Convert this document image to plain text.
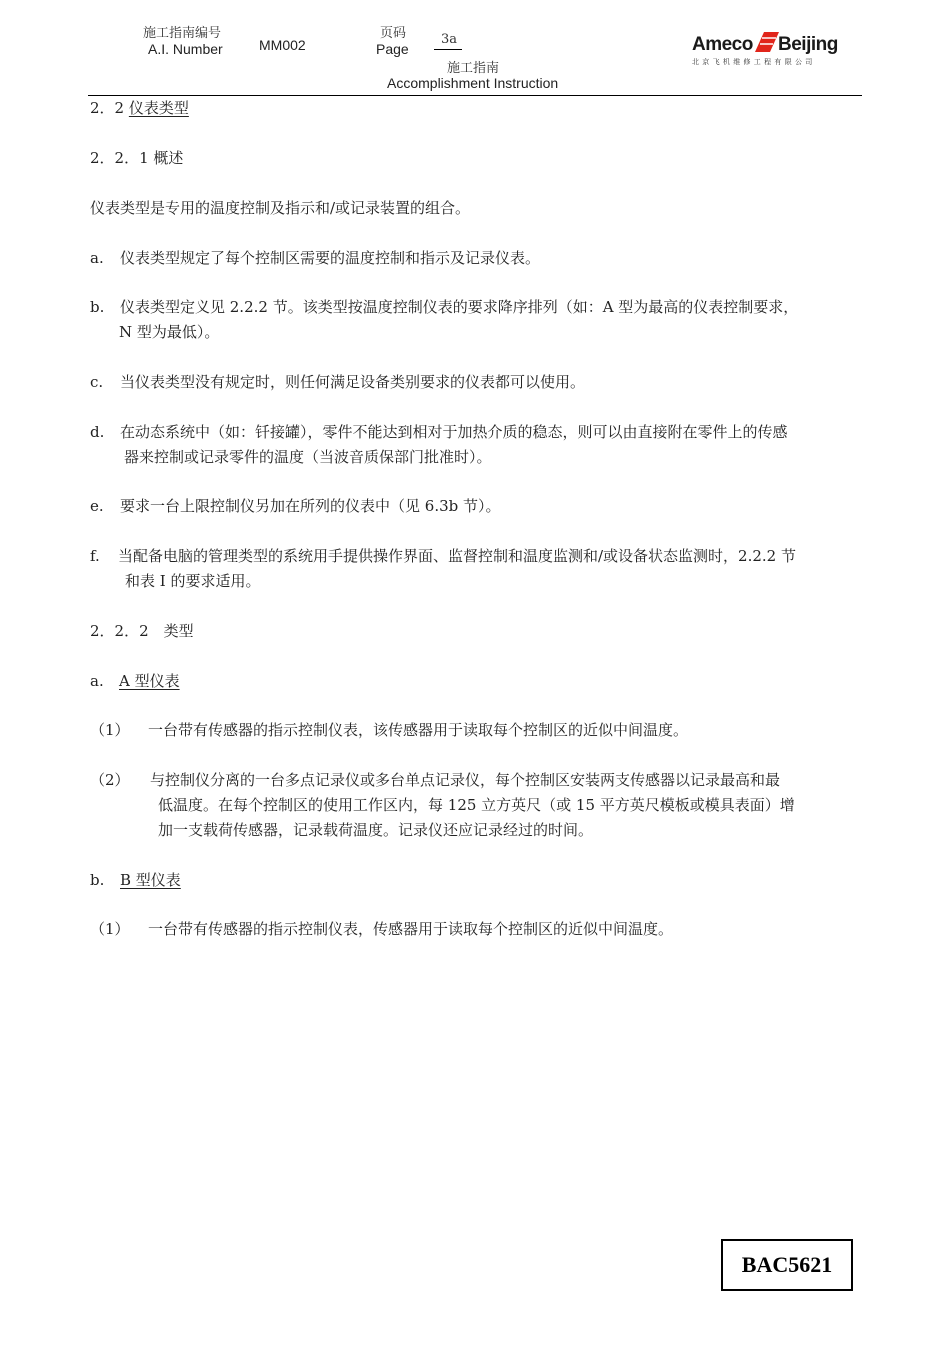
施工指南编号
A.I. Number	MM002
页码
Page
3a
施工指南
Accomplishment Instruction
Ameco Beijing
北京飞机维修工程有限公司
2．2 仪表类型
2．2．1 概述
仪表类型是专用的温度控制及指示和/或记录装置的组合。
a. 仪表类型规定了每个控制区需要的温度控制和指示及记录仪表。
b. 仪表类型定义见 2.2.2 节。该类型按温度控制仪表的要求降序排列（如：A 型为最高的仪表控制要求，
N 型为最低）。
c. 当仪表类型没有规定时，则任何满足设备类别要求的仪表都可以使用。
d. 在动态系统中（如：钎接罐），零件不能达到相对于加热介质的稳态，则可以由直接附在零件上的传感
器来控制或记录零件的温度（当波音质保部门批准时）。
e. 要求一台上限控制仪另加在所列的仪表中（见 6.3b 节）。
f. 当配备电脑的管理类型的系统用手提供操作界面、监督控制和温度监测和/或设备状态监测时，2.2.2 节
和表 I 的要求适用。
2．2．2　类型
a. A 型仪表
（1） 一台带有传感器的指示控制仪表，该传感器用于读取每个控制区的近似中间温度。
（2） 与控制仪分离的一台多点记录仪或多台单点记录仪，每个控制区安装两支传感器以记录最高和最
低温度。在每个控制区的使用工作区内，每 125 立方英尺（或 15 平方英尺模板或模具表面）增
加一支载荷传感器，记录载荷温度。记录仪还应记录经过的时间。
b. B 型仪表
（1） 一台带有传感器的指示控制仪表，传感器用于读取每个控制区的近似中间温度。
BAC5621
